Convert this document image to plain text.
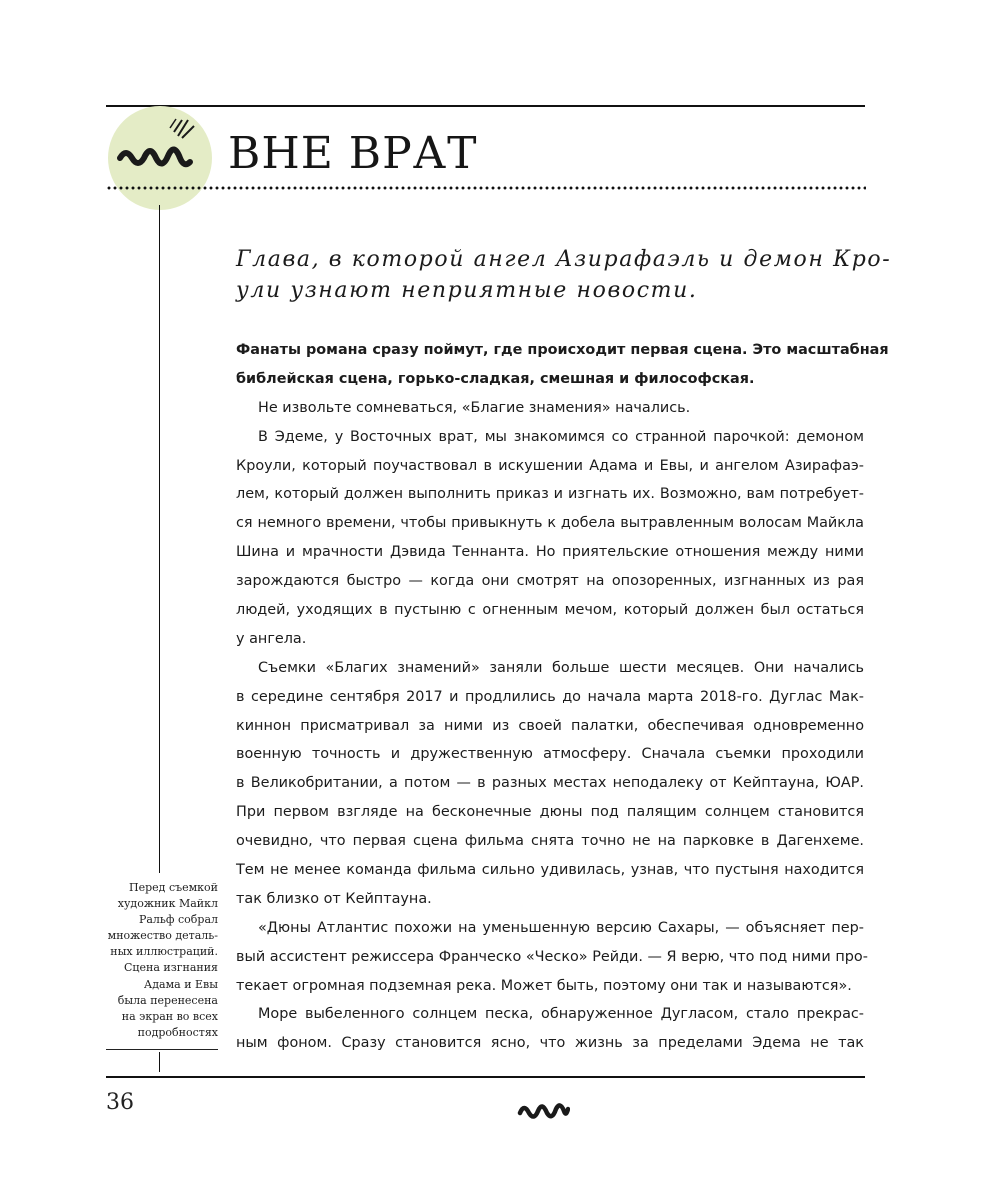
ВНЕ ВРАТ
Глава, в которой ангел Азирафаэль и демон Кро-
ули узнают неприятные новости.
Фанаты романа сразу поймут, где происходит первая сцена. Это масштабная
библейская сцена, горько-сладкая, смешная и философская.
Не извольте сомневаться, «Благие знамения» начались.
В Эдеме, у Восточных врат, мы знакомимся со странной парочкой: демоном
Кроули, который поучаствовал в искушении Адама и Евы, и ангелом Азирафаэ-
лем, который должен выполнить приказ и изгнать их. Возможно, вам потребует-
ся немного времени, чтобы привыкнуть к добела вытравленным волосам Майкла
Шина и мрачности Дэвида Теннанта. Но приятельские отношения между ними
зарождаются быстро — когда они смотрят на опозоренных, изгнанных из рая
людей, уходящих в пустыню с огненным мечом, который должен был остаться
у ангела.
Съемки «Благих знамений» заняли больше шести месяцев. Они начались
в середине сентября 2017 и продлились до начала марта 2018-го. Дуглас Мак-
киннон присматривал за ними из своей палатки, обеспечивая одновременно
военную точность и дружественную атмосферу. Сначала съемки проходили
в Великобритании, а потом — в разных местах неподалеку от Кейптауна, ЮАР.
При первом взгляде на бесконечные дюны под палящим солнцем становится
очевидно, что первая сцена фильма снята точно не на парковке в Дагенхеме.
Тем не менее команда фильма сильно удивилась, узнав, что пустыня находится
так близко от Кейптауна.
«Дюны Атлантис похожи на уменьшенную версию Сахары, — объясняет пер-
вый ассистент режиссера Франческо «Ческо» Рейди. — Я верю, что под ними про-
текает огромная подземная река. Может быть, поэтому они так и называются».
Море выбеленного солнцем песка, обнаруженное Дугласом, стало прекрас-
ным фоном. Сразу становится ясно, что жизнь за пределами Эдема не так
Перед съемкой
художник Майкл
Ральф собрал
множество деталь-
ных иллюстраций.
Сцена изгнания
Адама и Евы
была перенесена
на экран во всех
подробностях
36
